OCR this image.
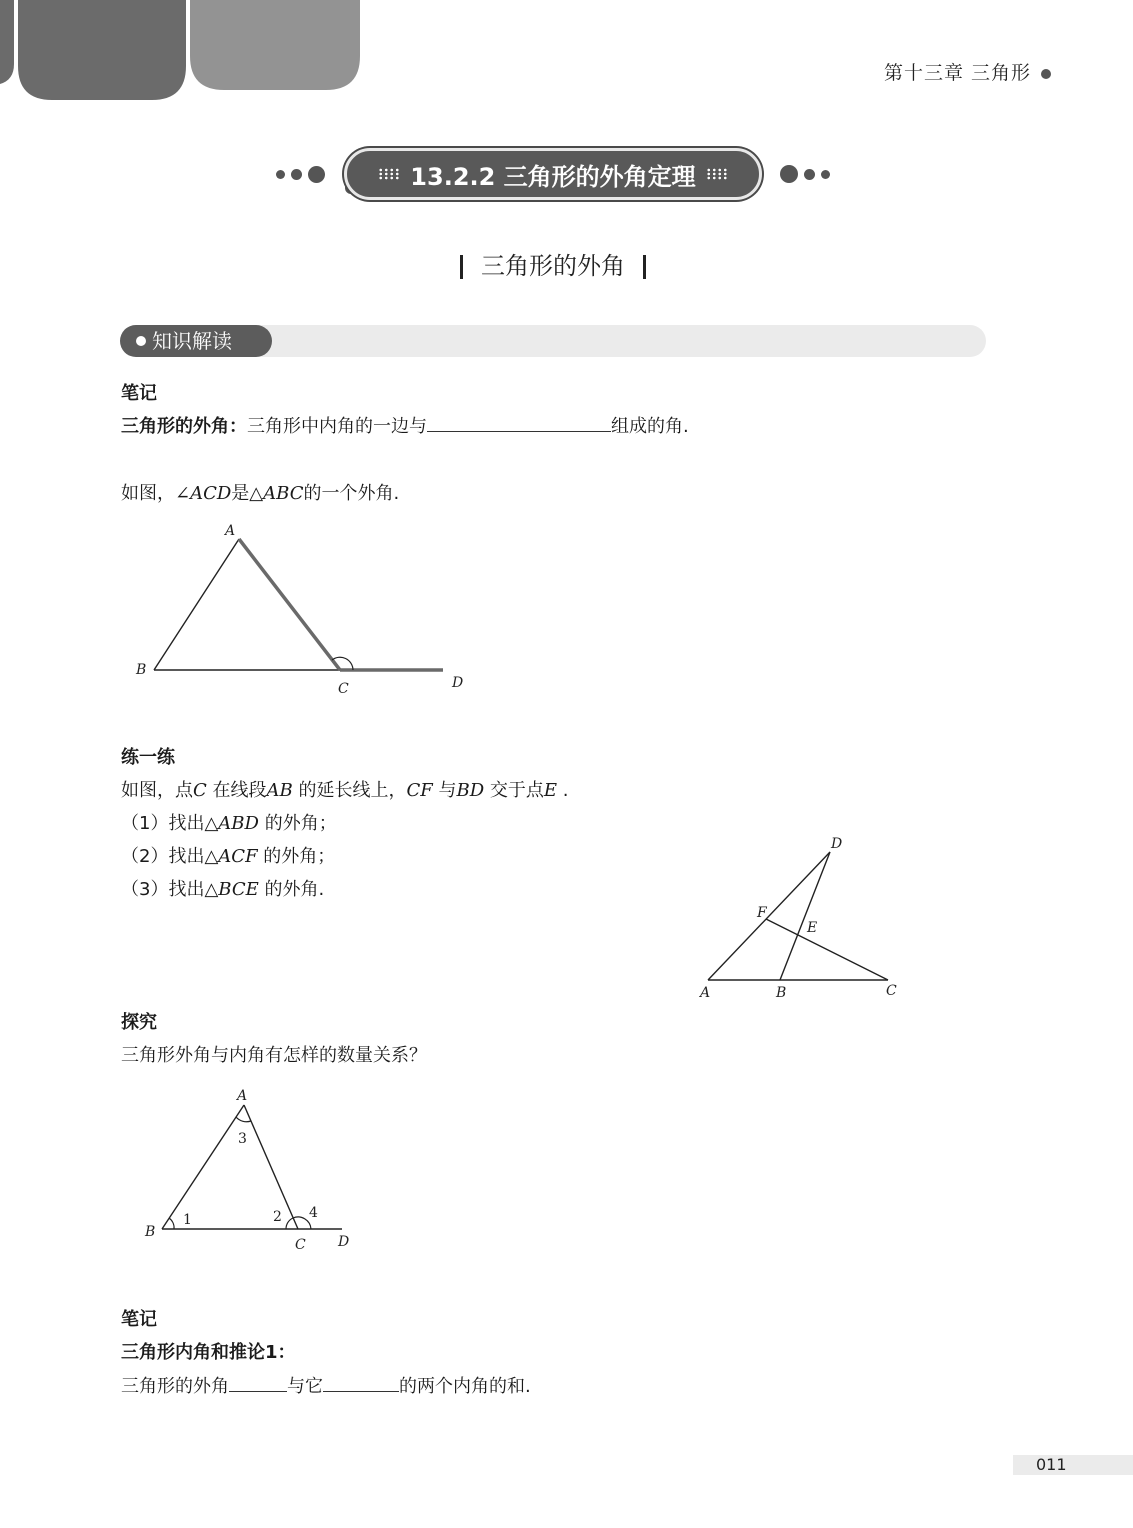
第十三章 三角形
13.2.2 三角形的外角定理
三角形的外角
知识解读
笔记
三角形的外角：三角形中内角的一边与	组成的角.
如图，∠ACD是△ABC的一个外角.
A
B
C	D
练一练
如图，点C 在线段AB 的延长线上，CF 与BD 交于点E .
（1）找出△ABD 的外角；
（2）找出△ACF 的外角；
（3）找出△BCE 的外角.
D
F
E
A	B	C
探究
三角形外角与内角有怎样的数量关系？
A
B
C D
1	2
3
4
笔记
三角形内角和推论1：
三角形的外角	与它	的两个内角的和.
011
